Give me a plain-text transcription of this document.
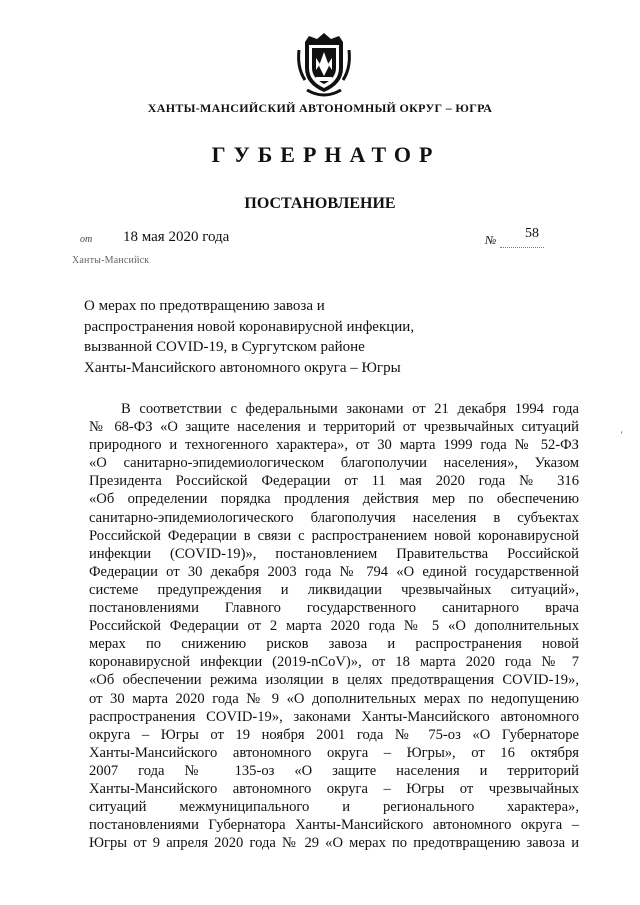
ХАНТЫ-МАНСИЙСКИЙ АВТОНОМНЫЙ ОКРУГ – ЮГРА
ГУБЕРНАТОР
ПОСТАНОВЛЕНИЕ
от 18 мая 2020 года	№ 58
Ханты-Мансийск
О мерах по предотвращению завоза и
распространения новой коронавирусной инфекции,
вызванной COVID-19, в Сургутском районе
Ханты-Мансийского автономного округа – Югры
В соответствии с федеральными законами от 21 декабря 1994 года
№ 68-ФЗ «О защите населения и территорий от чрезвычайных ситуаций
природного и техногенного характера», от 30 марта 1999 года № 52-ФЗ
«О санитарно-эпидемиологическом благополучии населения», Указом
Президента Российской Федерации от 11 мая 2020 года № 316
«Об определении порядка продления действия мер по обеспечению
санитарно-эпидемиологического благополучия населения в субъектах
Российской Федерации в связи с распространением новой коронавирусной
инфекции (COVID-19)», постановлением Правительства Российской
Федерации от 30 декабря 2003 года № 794 «О единой государственной
системе предупреждения и ликвидации чрезвычайных ситуаций»,
постановлениями Главного государственного санитарного врача
Российской Федерации от 2 марта 2020 года № 5 «О дополнительных
мерах по снижению рисков завоза и распространения новой
коронавирусной инфекции (2019-nCoV)», от 18 марта 2020 года № 7
«Об обеспечении режима изоляции в целях предотвращения COVID-19»,
от 30 марта 2020 года № 9 «О дополнительных мерах по недопущению
распространения COVID-19», законами Ханты-Мансийского автономного
округа – Югры от 19 ноября 2001 года № 75-оз «О Губернаторе
Ханты-Мансийского автономного округа – Югры», от 16 октября
2007 года № 135-оз «О защите населения и территорий
Ханты-Мансийского автономного округа – Югры от чрезвычайных
ситуаций межмуниципального и регионального характера»,
постановлениями Губернатора Ханты-Мансийского автономного округа –
Югры от 9 апреля 2020 года № 29 «О мерах по предотвращению завоза и
‘
